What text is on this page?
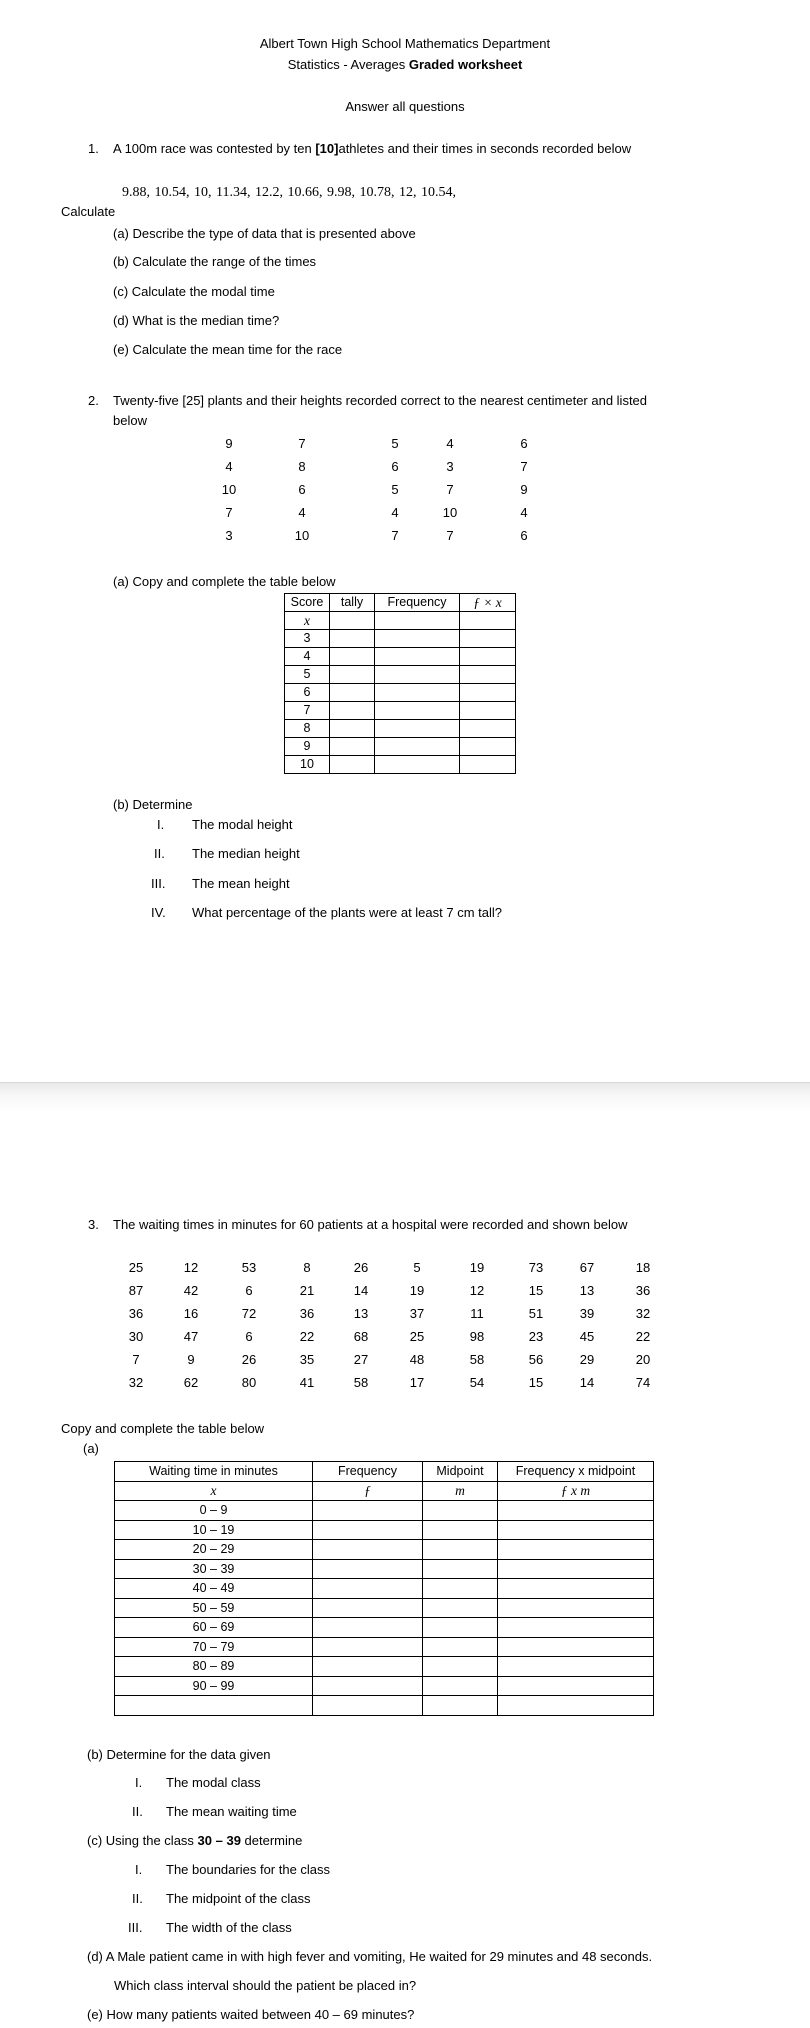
Albert Town High School Mathematics Department
Statistics - Averages Graded worksheet
Answer all questions
1. A 100m race was contested by ten [10]athletes and their times in seconds recorded below
9.88, 10.54, 10, 11.34, 12.2, 10.66, 9.98, 10.78, 12, 10.54,
Calculate
(a) Describe the type of data that is presented above
(b) Calculate the range of the times
(c) Calculate the modal time
(d) What is the median time?
(e) Calculate the mean time for the race
2. Twenty-five [25] plants and their heights recorded correct to the nearest centimeter and listed
below
9	7	5	4	6
4	8	6	3	7
10	6	5	7	9
7	4	4	10	4
3	10	7	7	6
(a) Copy and complete the table below
Score	tally	Frequency	ƒ × x
x			
3			
4			
5			
6			
7			
8			
9			
10			
(b) Determine
I. The modal height
II. The median height
III. The mean height
IV. What percentage of the plants were at least 7 cm tall?
3. The waiting times in minutes for 60 patients at a hospital were recorded and shown below
25	12	53	8	26	5	19	73	67	18
87	42	6	21	14	19	12	15	13	36
36	16	72	36	13	37	11	51	39	32
30	47	6	22	68	25	98	23	45	22
7	9	26	35	27	48	58	56	29	20
32	62	80	41	58	17	54	15	14	74
Copy and complete the table below
(a)
Waiting time in minutes	Frequency	Midpoint	Frequency x midpoint
x	ƒ	m	ƒ x m
0 – 9			
10 – 19			
20 – 29			
30 – 39			
40 – 49			
50 – 59			
60 – 69			
70 – 79			
80 – 89			
90 – 99			

(b) Determine for the data given
I. The modal class
II. The mean waiting time
(c) Using the class 30 – 39 determine
I. The boundaries for the class
II. The midpoint of the class
III. The width of the class
(d) A Male patient came in with high fever and vomiting, He waited for 29 minutes and 48 seconds.
Which class interval should the patient be placed in?
(e) How many patients waited between 40 – 69 minutes?
